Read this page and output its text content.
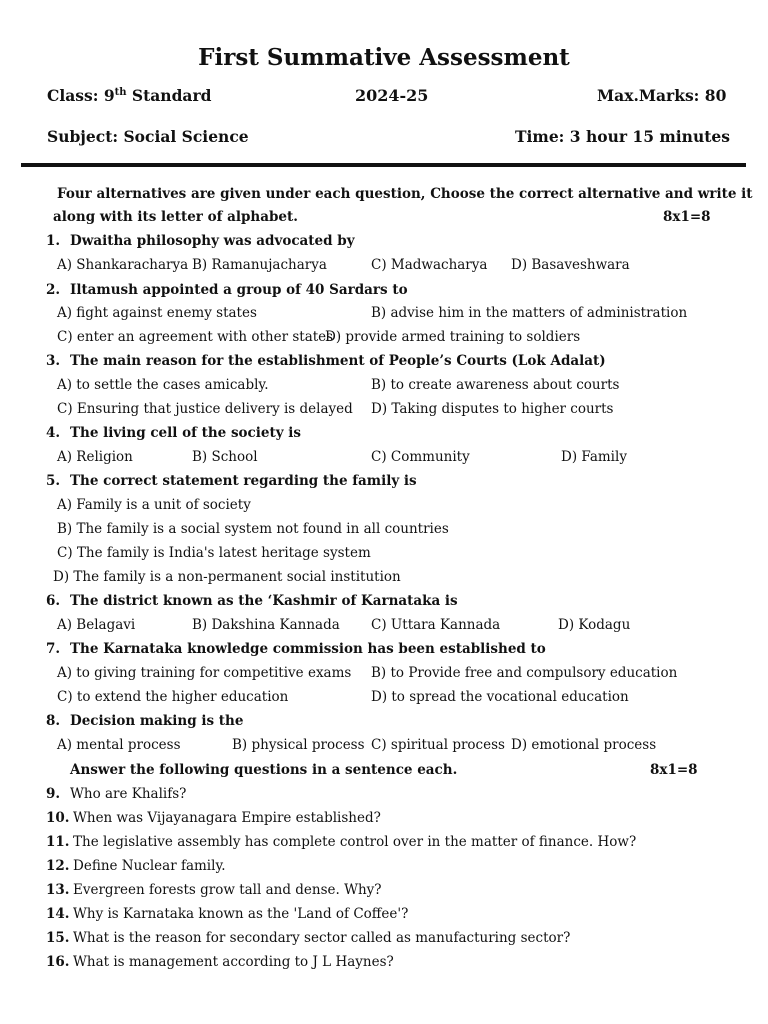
First Summative Assessment
Class: 9th Standard	2024-25	Max.Marks: 80
Subject: Social Science	Time: 3 hour 15 minutes
Four alternatives are given under each question, Choose the correct alternative and write it
along with its letter of alphabet.	8x1=8
1. Dwaitha philosophy was advocated by
A) Shankaracharya B) Ramanujacharya	C) Madwacharya D) Basaveshwara
2. Iltamush appointed a group of 40 Sardars to
A) fight against enemy states	B) advise him in the matters of administration
C) enter an agreement with other states
D) provide armed training to soldiers
3. The main reason for the establishment of People’s Courts (Lok Adalat)
A) to settle the cases amicably.	B) to create awareness about courts
C) Ensuring that justice delivery is delayed D) Taking disputes to higher courts
4. The living cell of the society is
A) Religion	B) School	C) Community	D) Family
5. The correct statement regarding the family is
A) Family is a unit of society
B) The family is a social system not found in all countries
C) The family is India's latest heritage system
D) The family is a non-permanent social institution
6. The district known as the ‘Kashmir of Karnataka is
A) Belagavi	B) Dakshina Kannada C) Uttara Kannada	D) Kodagu
7. The Karnataka knowledge commission has been established to
A) to giving training for competitive exams B) to Provide free and compulsory education
C) to extend the higher education	D) to spread the vocational education
8. Decision making is the
A) mental process	B) physical process C) spiritual process D) emotional process
Answer the following questions in a sentence each.	8x1=8
9. Who are Khalifs?
10. When was Vijayanagara Empire established?
11. The legislative assembly has complete control over in the matter of finance. How?
12. Define Nuclear family.
13. Evergreen forests grow tall and dense. Why?
14. Why is Karnataka known as the 'Land of Coffee'?
15. What is the reason for secondary sector called as manufacturing sector?
16. What is management according to J L Haynes?
